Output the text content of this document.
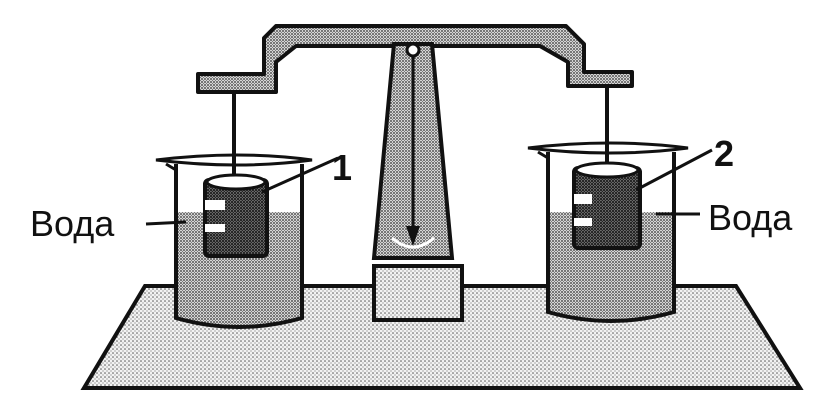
1	2
Вода	Вода
